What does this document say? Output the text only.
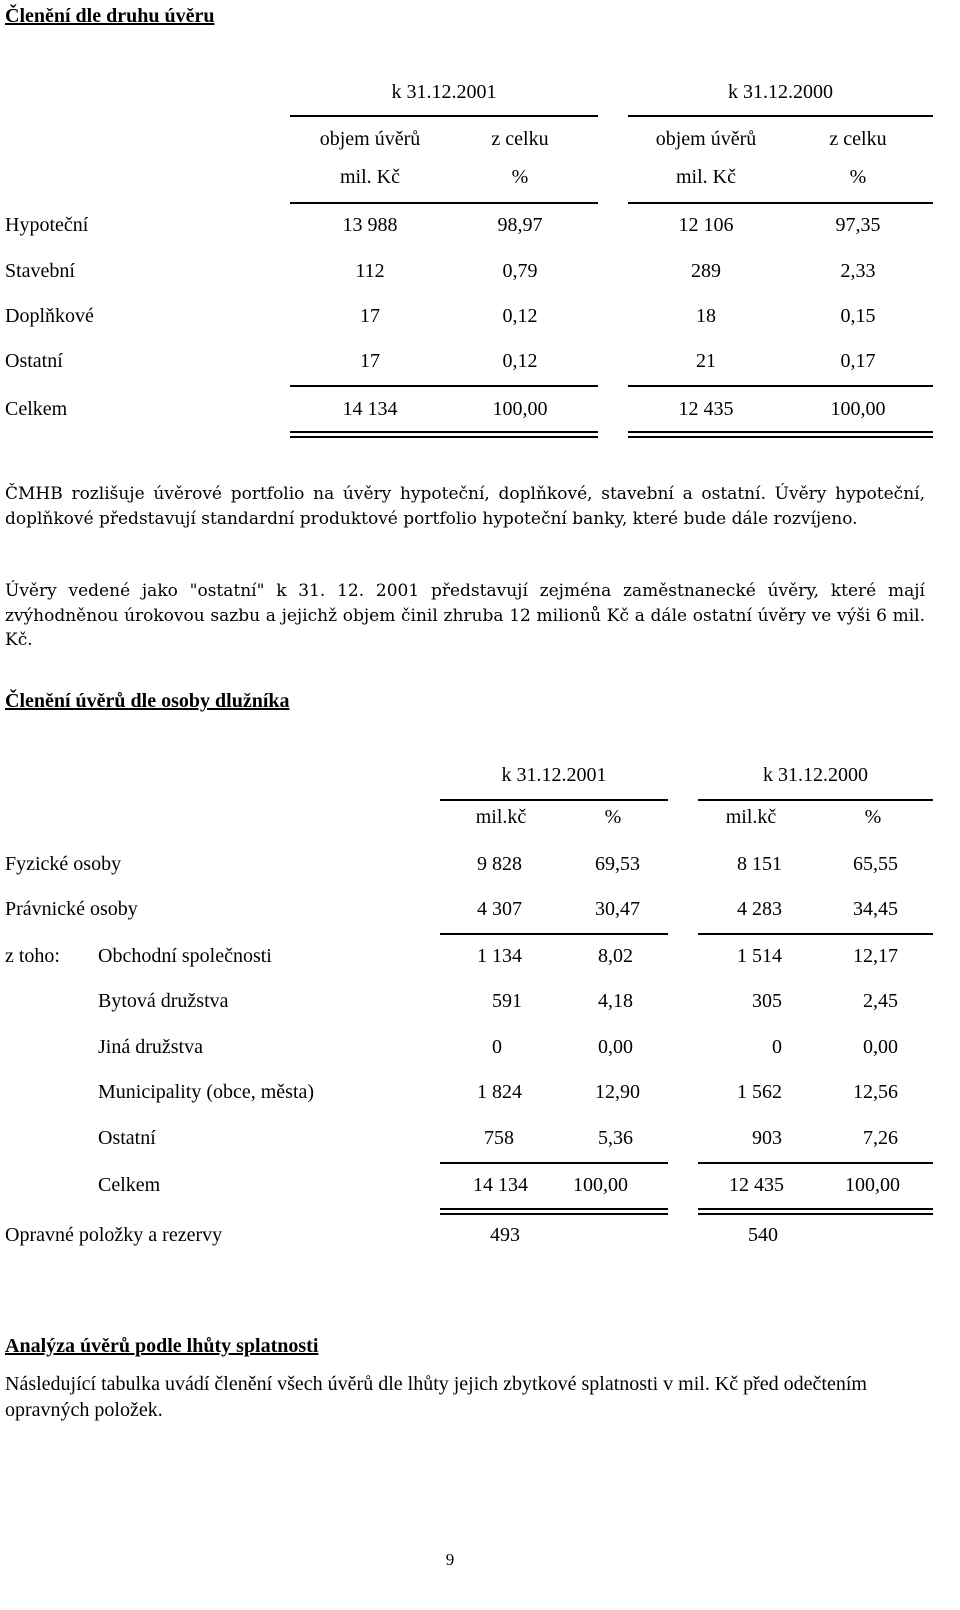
Členění dle druhu úvěru
k 31.12.2001	k 31.12.2000
objem úvěrů	z celku	objem úvěrů	z celku
mil. Kč	%	mil. Kč	%
Hypoteční	13 988	98,97	12 106	97,35
Stavební	112	0,79	289	2,33
Doplňkové	17	0,12	18	0,15
Ostatní	17	0,12	21	0,17
Celkem	14 134	100,00	12 435	100,00
ČMHB rozlišuje úvěrové portfolio na úvěry hypoteční, doplňkové, stavební a ostatní. Úvěry hypoteční, doplňkové představují standardní produktové portfolio hypoteční banky, které bude dále rozvíjeno.
Úvěry vedené jako "ostatní" k 31. 12. 2001 představují zejména zaměstnanecké úvěry, které mají zvýhodněnou úrokovou sazbu a jejichž objem činil zhruba 12 milionů Kč a dále ostatní úvěry ve výši 6 mil. Kč.
Členění úvěrů dle osoby dlužníka
k 31.12.2001	k 31.12.2000
mil.kč	%	mil.kč	%
Fyzické osoby	9 828	69,53	8 151	65,55
Právnické osoby	4 307	30,47	4 283	34,45
z toho: Obchodní společnosti	1 134	8,02	1 514	12,17
Bytová družstva	591	4,18	305	2,45
Jiná družstva	0	0,00	0	0,00
Municipality (obce, města)	1 824	12,90	1 562	12,56
Ostatní	758	5,36	903	7,26
Celkem	14 134	100,00	12 435	100,00
Opravné položky a rezervy	493	540
Analýza úvěrů podle lhůty splatnosti
Následující tabulka uvádí členění všech úvěrů dle lhůty jejich zbytkové splatnosti v mil. Kč před odečtením opravných položek.
9
